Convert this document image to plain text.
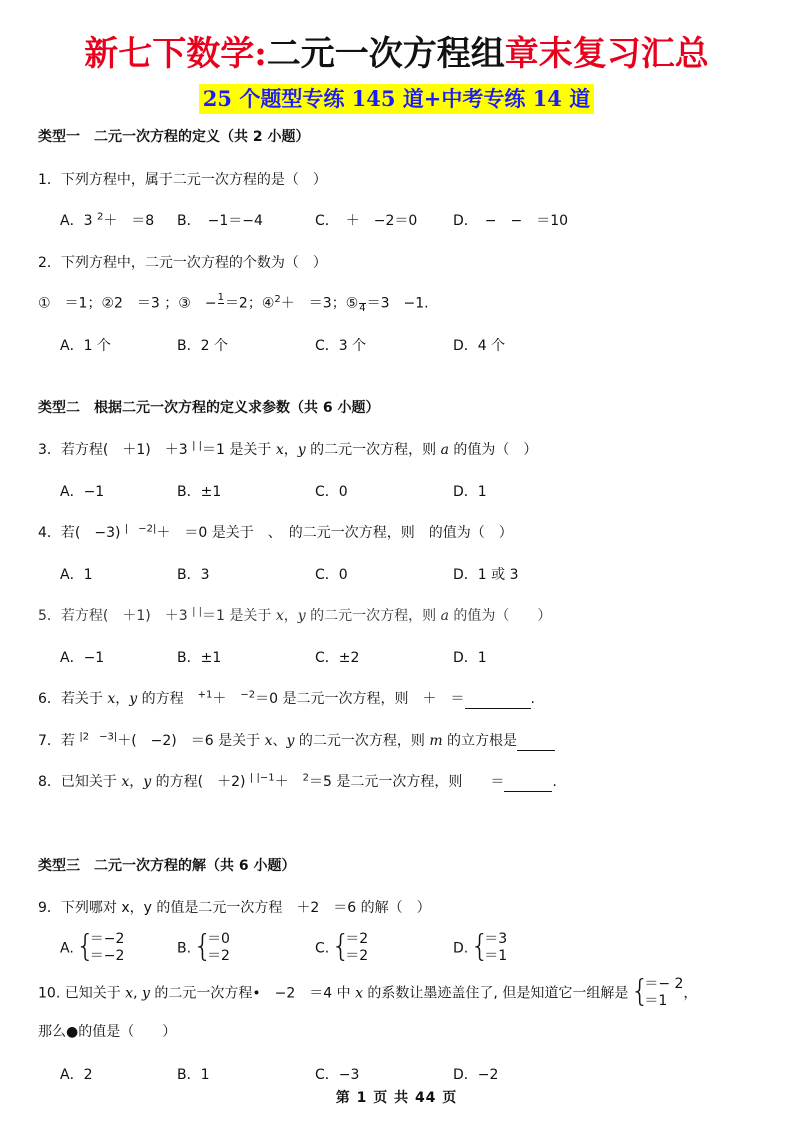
新七下数学:二元一次方程组章末复习汇总
25 个题型专练 145 道+中考专练 14 道
类型一　二元一次方程的定义（共 2 小题）
1．下列方程中，属于二元一次方程的是（　）
A．3 $^2$＋　＝8 B．　−1＝−4	C．　＋　−2＝0	D．　−　−　＝10
2．下列方程中，二元一次方程的个数为（　）
①　＝1；②2　＝3 ；③　− 1
＝2；④$^2$＋　＝3；⑤
4 ＝3　−1.
A．1 个	B．2 个	C．3 个	D．4 个
类型二　根据二元一次方程的定义求参数（共 6 小题）
3．若方程(　＋1)　＋3 | |＝1 是关于 x，y 的二元一次方程，则 a 的值为（　）
A．−1	B．±1	C．0	D．1
4．若(　−3) $^{| -2|}$＋　＝0 是关于　、　的二元一次方程，则　的值为（　）
A．1	B．3	C．0	D．1 或 3
5．若方程(　＋1)　＋3 | |＝1 是关于 x，y 的二元一次方程，则 a 的值为（　　）
A．−1	B．±1	C．±2	D．1
6．若关于 x，y 的方程　$^{+1}$＋　$^{-2}$＝0 是二元一次方程，则　＋　＝	.
7．若 $^{|2 -3|}$＋(　−2)　＝6 是关于 x、y 的二元一次方程，则 m 的立方根是
8．已知关于 x，y 的方程(　＋2) $^{| |-1}$＋　$^2$＝5 是二元一次方程，则　　＝	.
类型三　二元一次方程的解（共 6 小题）
9．下列哪对 x，y 的值是二元一次方程　＋2　＝6 的解（　）
A. {
＝−2
＝−2	B. {
＝0
＝2	C. {
＝2
＝2	D. {
＝3
＝1
10. 已知关于 x, y 的二元一次方程•　−2　＝4 中 x 的系数让墨迹盖住了, 但是知道它一组解是 {
＝− 2
＝1	，
那么●的值是（　　）
A．2	B．1	C．−3	D．−2
第 1 页 共 44 页
